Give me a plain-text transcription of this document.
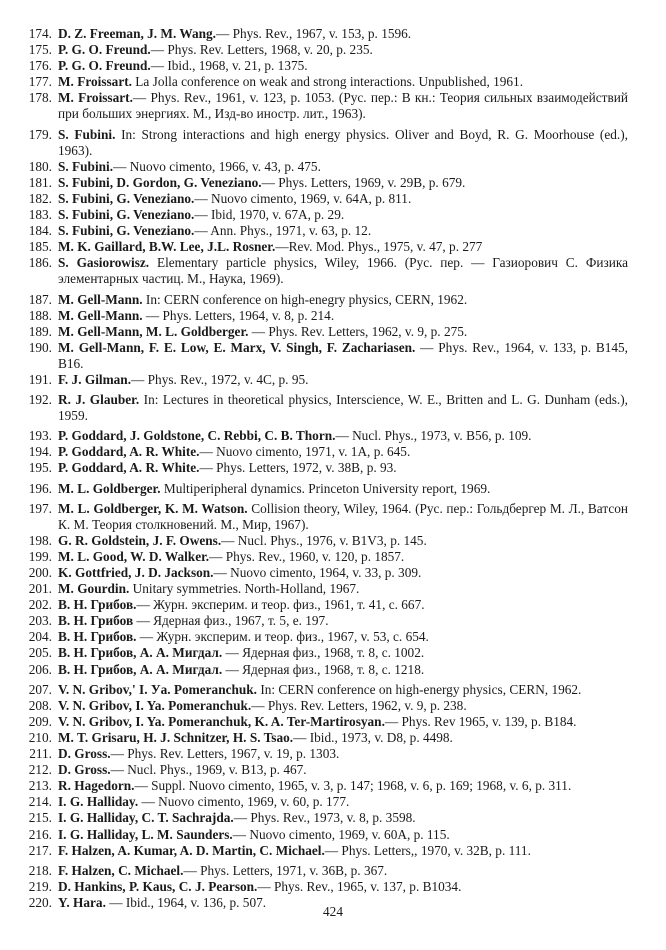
174. D. Z. Freeman, J. M. Wang.— Phys. Rev., 1967, v. 153, p. 1596.
175. P. G. O. Freund.— Phys. Rev. Letters, 1968, v. 20, p. 235.
176. P. G. O. Freund.— Ibid., 1968, v. 21, p. 1375.
177. M. Froissart. La Jolla conference on weak and strong interactions. Unpublished, 1961.
178. M. Froissart.— Phys. Rev., 1961, v. 123, p. 1053. (Рус. пер.: В кн.: Теория сильных взаимодействий при больших энергиях. М., Изд-во иностр. лит., 1963).
179. S. Fubini. In: Strong interactions and high energy physics. Oliver and Boyd, R. G. Moorhouse (ed.), 1963).
180. S. Fubini.— Nuovo cimento, 1966, v. 43, p. 475.
181. S. Fubini, D. Gordon, G. Veneziano.— Phys. Letters, 1969, v. 29B, p. 679.
182. S. Fubini, G. Veneziano.— Nuovo cimento, 1969, v. 64A, p. 811.
183. S. Fubini, G. Veneziano.— Ibid, 1970, v. 67A, p. 29.
184. S. Fubini, G. Veneziano.— Ann. Phys., 1971, v. 63, p. 12.
185. M. K. Gaillard, B.W. Lee, J.L. Rosner.—Rev. Mod. Phys., 1975, v. 47, p. 277
186. S. Gasiorowisz. Elementary particle physics, Wiley, 1966. (Рус. пер. — Газиорович С. Физика элементарных частиц. М., Наука, 1969).
187. M. Gell-Mann. In: CERN conference on high-enegry physics, CERN, 1962.
188. M. Gell-Mann. — Phys. Letters, 1964, v. 8, p. 214.
189. M. Gell-Mann, M. L. Goldberger. — Phys. Rev. Letters, 1962, v. 9, p. 275.
190. M. Gell-Mann, F. E. Low, E. Marx, V. Singh, F. Zachariasen. — Phys. Rev., 1964, v. 133, p. B145, B16.
191. F. J. Gilman.— Phys. Rev., 1972, v. 4C, p. 95.
192. R. J. Glauber. In: Lectures in theoretical physics, Interscience, W. E., Britten and L. G. Dunham (eds.), 1959.
193. P. Goddard, J. Goldstone, C. Rebbi, C. B. Thorn.— Nucl. Phys., 1973, v. B56, p. 109.
194. P. Goddard, A. R. White.— Nuovo cimento, 1971, v. 1A, p. 645.
195. P. Goddard, A. R. White.— Phys. Letters, 1972, v. 38B, p. 93.
196. M. L. Goldberger. Multiperipheral dynamics. Princeton University report, 1969.
197. M. L. Goldberger, K. M. Watson. Collision theory, Wiley, 1964. (Рус. пер.: Гольдбергер М. Л., Ватсон К. М. Теория столкновений. М., Мир, 1967).
198. G. R. Goldstein, J. F. Owens.— Nucl. Phys., 1976, v. B1V3, p. 145.
199. M. L. Good, W. D. Walker.— Phys. Rev., 1960, v. 120, p. 1857.
200. K. Gottfried, J. D. Jackson.— Nuovo cimento, 1964, v. 33, p. 309.
201. M. Gourdin. Unitary symmetries. North-Holland, 1967.
202. В. Н. Грибов.— Журн. эксперим. и теор. физ., 1961, т. 41, с. 667.
203. В. Н. Грибов — Ядерная физ., 1967, т. 5, е. 197.
204. В. Н. Грибов. — Журн. эксперим. и теор. физ., 1967, v. 53, с. 654.
205. В. Н. Грибов, А. А. Мигдал. — Ядерная физ., 1968, т. 8, с. 1002.
206. В. Н. Грибов, А. А. Мигдал. — Ядерная физ., 1968, т. 8, с. 1218.
207. V. N. Gribov,' I. Уa. Pomeranchuk. In: CERN conference on high-energy physics, CERN, 1962.
208. V. N. Gribov, I. Ya. Pomeranchuk.— Phys. Rev. Letters, 1962, v. 9, p. 238.
209. V. N. Gribov, I. Ya. Pomeranchuk, K. A. Ter-Martirosyan.— Phys. Rev 1965, v. 139, p. B184.
210. M. T. Grisaru, H. J. Schnitzer, H. S. Tsao.— Ibid., 1973, v. D8, p. 4498.
211. D. Gross.— Phys. Rev. Letters, 1967, v. 19, p. 1303.
212. D. Gross.— Nucl. Phys., 1969, v. B13, p. 467.
213. R. Hagedorn.— Suppl. Nuovo cimento, 1965, v. 3, p. 147; 1968, v. 6, p. 169; 1968, v. 6, p. 311.
214. I. G. Halliday. — Nuovo cimento, 1969, v. 60, p. 177.
215. I. G. Halliday, C. T. Sachrajda.— Phys. Rev., 1973, v. 8, p. 3598.
216. I. G. Halliday, L. M. Saunders.— Nuovo cimento, 1969, v. 60A, p. 115.
217. F. Halzen, A. Kumar, A. D. Martin, C. Michael.— Phys. Letters,, 1970, v. 32B, p. 111.
218. F. Halzen, C. Michael.— Phys. Letters, 1971, v. 36B, p. 367.
219. D. Hankins, P. Kaus, C. J. Pearson.— Phys. Rev., 1965, v. 137, p. B1034.
220. Y. Hara. — Ibid., 1964, v. 136, p. 507.
424
